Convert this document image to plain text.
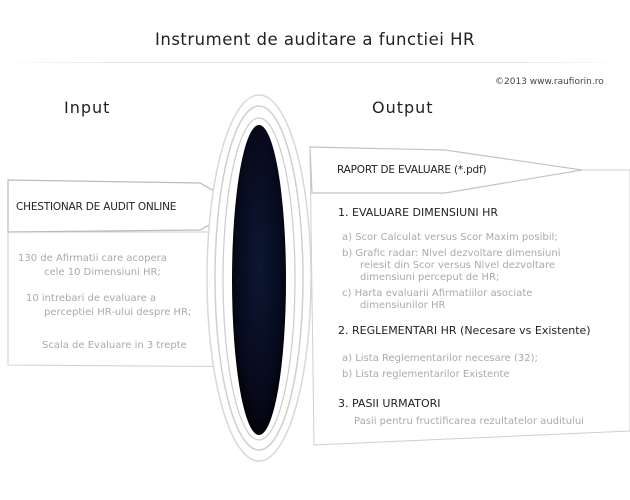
Instrument de auditare a functiei HR
©2013 www.raufiorin.ro
Input	Output
CHESTIONAR DE AUDIT ONLINE
RAPORT DE EVALUARE (*.pdf)
130 de Afirmatii care acopera
cele 10 Dimensiuni HR;
10 intrebari de evaluare a
perceptiei HR-ului despre HR;
Scala de Evaluare in 3 trepte
1. EVALUARE DIMENSIUNI HR
a) Scor Calculat versus Scor Maxim posibil;
b) Grafic radar: Nivel dezvoltare dimensiuni
reiesit din Scor versus Nivel dezvoltare
dimensiuni perceput de HR;
c) Harta evaluarii Afirmatiilor asociate
dimensiunilor HR
2. REGLEMENTARI HR (Necesare vs Existente)
a) Lista Reglementarilor necesare (32);
b) Lista reglementarilor Existente
3. PASII URMATORI
Pasii pentru fructificarea rezultatelor auditului
